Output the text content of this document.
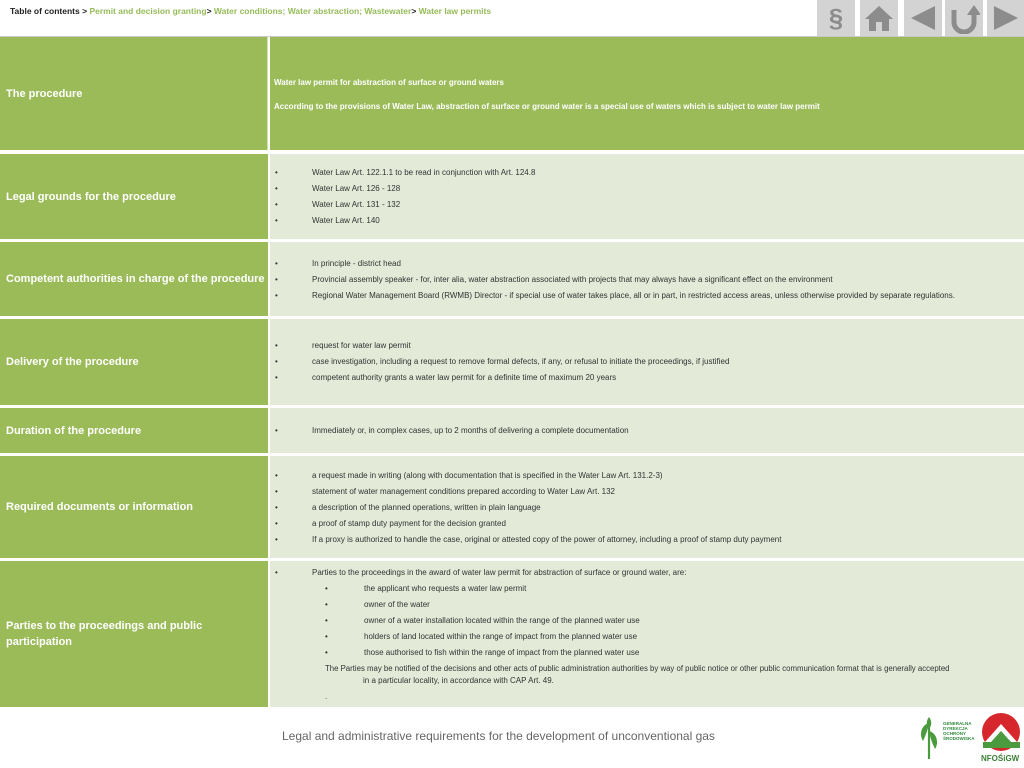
Table of contents > Permit and decision granting> Water conditions; Water abstraction; Wastewater> Water law permits	§
The procedure
Water law permit for abstraction of surface or ground waters
According to the provisions of Water Law, abstraction of surface or ground water is a special use of waters which is subject to water law permit
Legal grounds for the procedure
•	Water Law Art. 122.1.1 to be read in conjunction with Art. 124.8
•	Water Law Art. 126 - 128
•	Water Law Art. 131 - 132
•	Water Law Art. 140
Competent authorities in charge of the procedure
•	In principle - district head
•	Provincial assembly speaker - for, inter alia, water abstraction associated with projects that may always have a significant effect on the environment
•	Regional Water Management Board (RWMB) Director - if special use of water takes place, all or in part, in restricted access areas, unless otherwise provided by separate regulations.
Delivery of the procedure
•	request for water law permit
•	case investigation, including a request to remove formal defects, if any, or refusal to initiate the proceedings, if justified
•	competent authority grants a water law permit for a definite time of maximum 20 years
Duration of the procedure	•	Immediately or, in complex cases, up to 2 months of delivering a complete documentation
Required documents or information
•	a request made in writing (along with documentation that is specified in the Water Law Art. 131.2-3)
•	statement of water management conditions prepared according to Water Law Art. 132
•	a description of the planned operations, written in plain language
•	a proof of stamp duty payment for the decision granted
•	If a proxy is authorized to handle the case, original or attested copy of the power of attorney, including a proof of stamp duty payment
Parties to the proceedings and public participation
•	Parties to the proceedings in the award of water law permit for abstraction of surface or ground water, are:
•	the applicant who requests a water law permit
•	owner of the water
•	owner of a water installation located within the range of the planned water use
•	holders of land located within the range of impact from the planned water use
•	those authorised to fish within the range of impact from the planned water use
The Parties may be notified of the decisions and other acts of public administration authorities by way of public notice or other public communication format that is generally accepted
in a particular locality, in accordance with CAP Art. 49.
.
Legal and administrative requirements for the development of unconventional gas
GENERALNA
DYREKCJA
OCHRONY
ŚRODOWISKA
NFOŚiGW
